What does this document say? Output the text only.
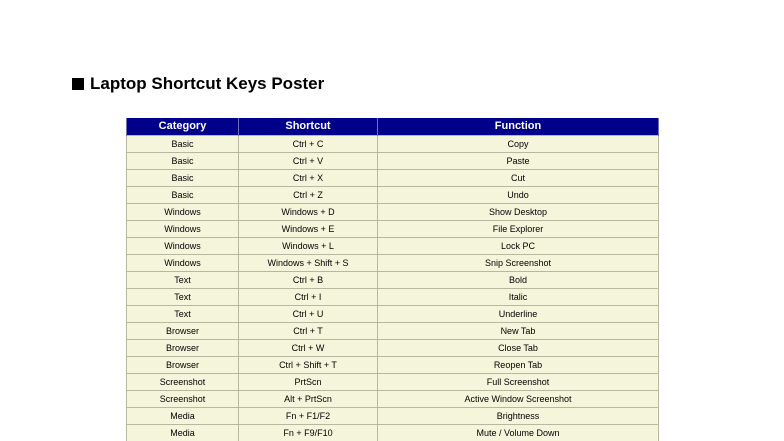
Laptop Shortcut Keys Poster
Category	Shortcut	Function
Basic	Ctrl + C	Copy
Basic	Ctrl + V	Paste
Basic	Ctrl + X	Cut
Basic	Ctrl + Z	Undo
Windows	Windows + D	Show Desktop
Windows	Windows + E	File Explorer
Windows	Windows + L	Lock PC
Windows	Windows + Shift + S	Snip Screenshot
Text	Ctrl + B	Bold
Text	Ctrl + I	Italic
Text	Ctrl + U	Underline
Browser	Ctrl + T	New Tab
Browser	Ctrl + W	Close Tab
Browser	Ctrl + Shift + T	Reopen Tab
Screenshot	PrtScn	Full Screenshot
Screenshot	Alt + PrtScn	Active Window Screenshot
Media	Fn + F1/F2	Brightness
Media	Fn + F9/F10	Mute / Volume Down
